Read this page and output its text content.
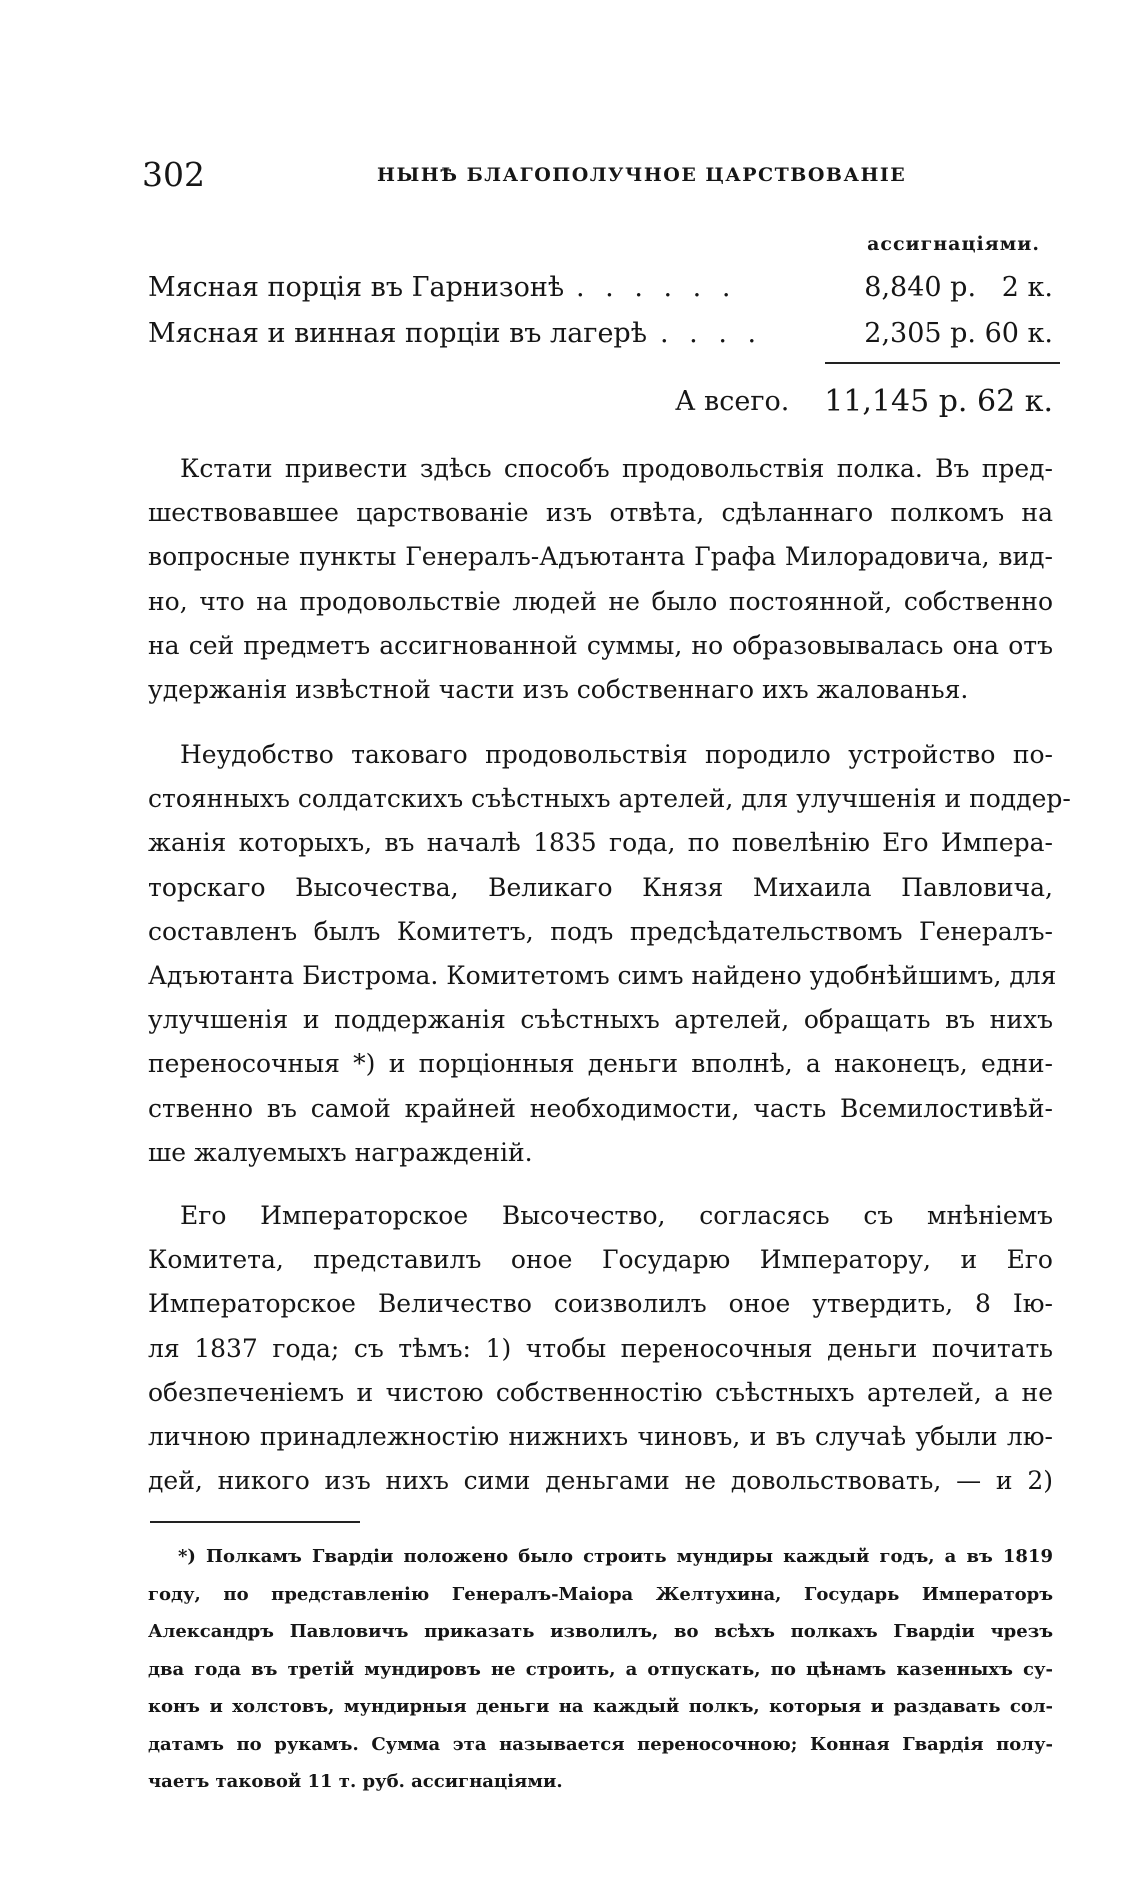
302	НЫНѢ БЛАГОПОЛУЧНОЕ ЦАРСТВОВАНІЕ
ассигнаціями.
Мясная порція въ Гарнизонѣ . . . . . .	8,840 р.   2 к.
Мясная и винная порціи въ лагерѣ . . . .	2,305 р. 60 к.
А всего. 11,145 р. 62 к.
Кстати привести здѣсь способъ продовольствія полка. Въ пред-
шествовавшее царствованіе изъ отвѣта, сдѣланнаго полкомъ на
вопросные пункты Генералъ-Адъютанта Графа Милорадовича, вид-
но, что на продовольствіе людей не было постоянной, собственно
на сей предметъ ассигнованной суммы, но образовывалась она отъ
удержанія извѣстной части изъ собственнаго ихъ жалованья.
Неудобство таковаго продовольствія породило устройство по-
стоянныхъ солдатскихъ съѣстныхъ артелей, для улучшенія и поддер-
жанія которыхъ, въ началѣ 1835 года, по повелѣнію Его Импера-
торскаго Высочества, Великаго Князя Михаила Павловича,
составленъ былъ Комитетъ, подъ предсѣдательствомъ Генералъ-
Адъютанта Бистрома. Комитетомъ симъ найдено удобнѣйшимъ, для
улучшенія и поддержанія съѣстныхъ артелей, обращать въ нихъ
переносочныя *) и порціонныя деньги вполнѣ, а наконецъ, едни-
ственно въ самой крайней необходимости, часть Всемилостивѣй-
ше жалуемыхъ награжденій.
Его Императорское Высочество, согласясь съ мнѣніемъ
Комитета, представилъ оное Государю Императору, и Его
Императорское Величество соизволилъ оное утвердить, 8 Ію-
ля 1837 года; съ тѣмъ: 1) чтобы переносочныя деньги почитать
обезпеченіемъ и чистою собственностію съѣстныхъ артелей, а не
личною принадлежностію нижнихъ чиновъ, и въ случаѣ убыли лю-
дей, никого изъ нихъ сими деньгами не довольствовать, — и 2)
*) Полкамъ Гвардіи положено было строить мундиры каждый годъ, а въ 1819
году, по представленію Генералъ-Маіора Желтухина, Государь Императоръ
Александръ Павловичъ приказать изволилъ, во всѣхъ полкахъ Гвардіи чрезъ
два года въ третій мундировъ не строить, а отпускать, по цѣнамъ казенныхъ су-
конъ и холстовъ, мундирныя деньги на каждый полкъ, которыя и раздавать сол-
датамъ по рукамъ. Сумма эта называется переносочною; Конная Гвардія полу-
чаетъ таковой 11 т. руб. ассигнаціями.
